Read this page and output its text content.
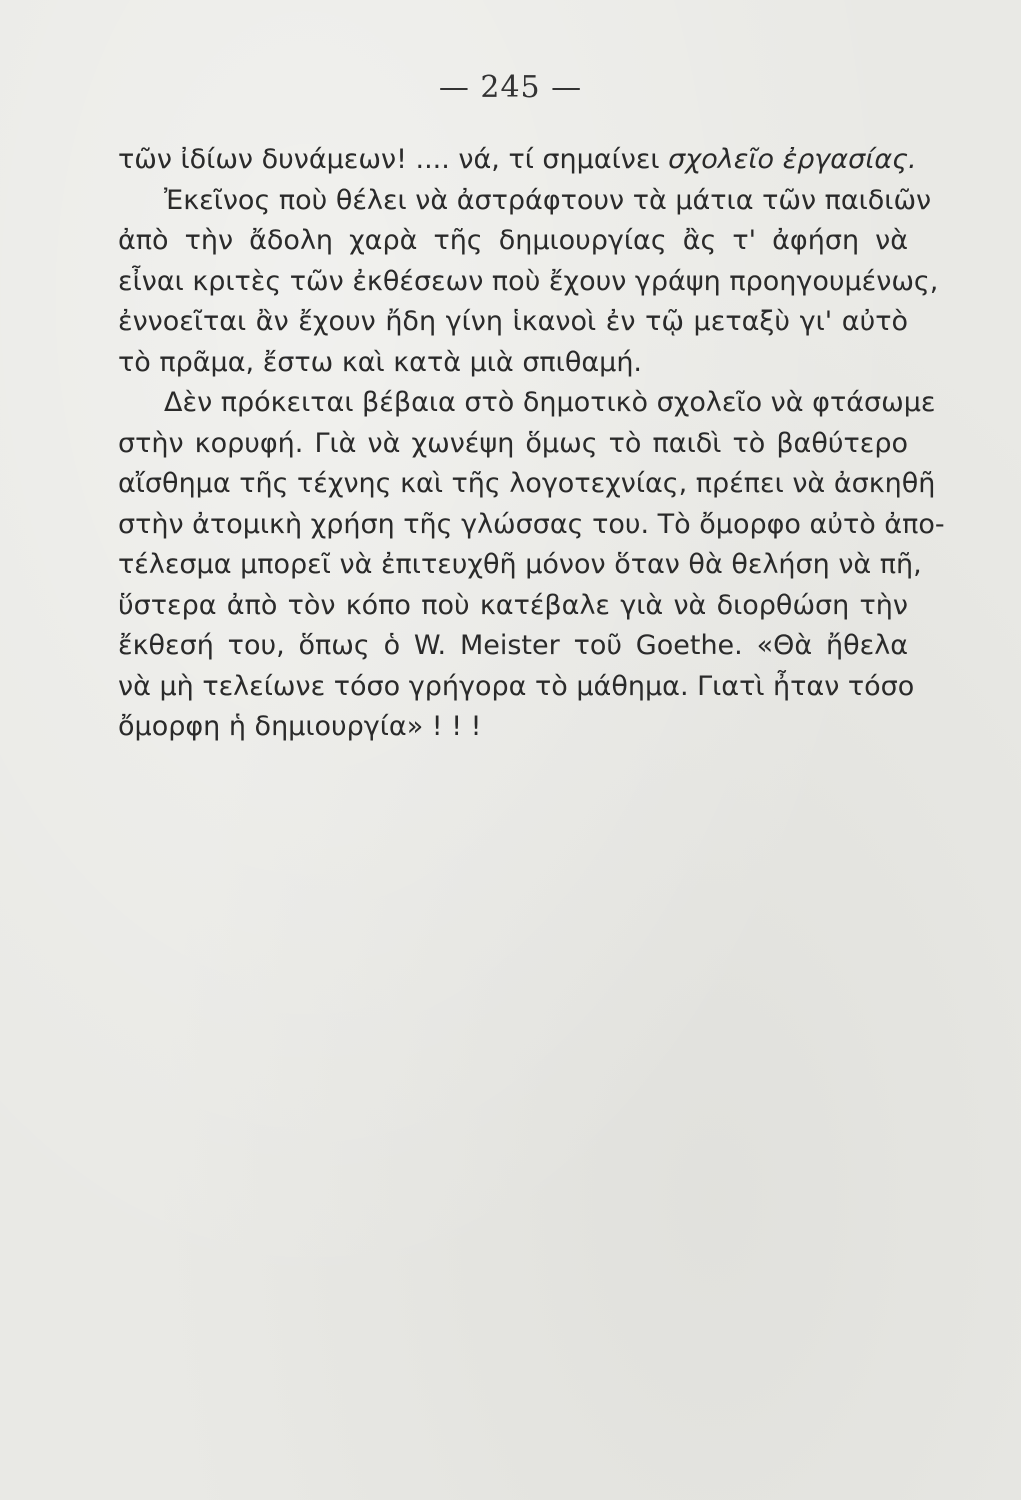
— 245 —
τῶν ἰδίων δυνάμεων! .... νά, τί σημαίνει σχολεῖο ἐργασίας.
Ἐκεῖνος ποὺ θέλει νὰ ἀστράφτουν τὰ μάτια τῶν παιδιῶν
ἀπὸ τὴν ἄδολη χαρὰ τῆς δημιουργίας ἂς τ' ἀφήση νὰ
εἶναι κριτὲς τῶν ἐκθέσεων ποὺ ἔχουν γράψη προηγουμένως,
ἐννοεῖται ἂν ἔχουν ἤδη γίνη ἱκανοὶ ἐν τῷ μεταξὺ γι' αὐτὸ
τὸ πρᾶμα, ἔστω καὶ κατὰ μιὰ σπιθαμή.
Δὲν πρόκειται βέβαια στὸ δημοτικὸ σχολεῖο νὰ φτάσωμε
στὴν κορυφή. Γιὰ νὰ χωνέψη ὅμως τὸ παιδὶ τὸ βαθύτερο
αἴσθημα τῆς τέχνης καὶ τῆς λογοτεχνίας, πρέπει νὰ ἀσκηθῆ
στὴν ἀτομικὴ χρήση τῆς γλώσσας του. Τὸ ὄμορφο αὐτὸ ἀπο-
τέλεσμα μπορεῖ νὰ ἐπιτευχθῆ μόνον ὅταν θὰ θελήση νὰ πῆ,
ὕστερα ἀπὸ τὸν κόπο ποὺ κατέβαλε γιὰ νὰ διορθώση τὴν
ἔκθεσή του, ὅπως ὁ W. Meister τοῦ Goethe. «Θὰ ἤθελα
νὰ μὴ τελείωνε τόσο γρήγορα τὸ μάθημα. Γιατὶ ἦταν τόσο
ὄμορφη ἡ δημιουργία» ! ! !
